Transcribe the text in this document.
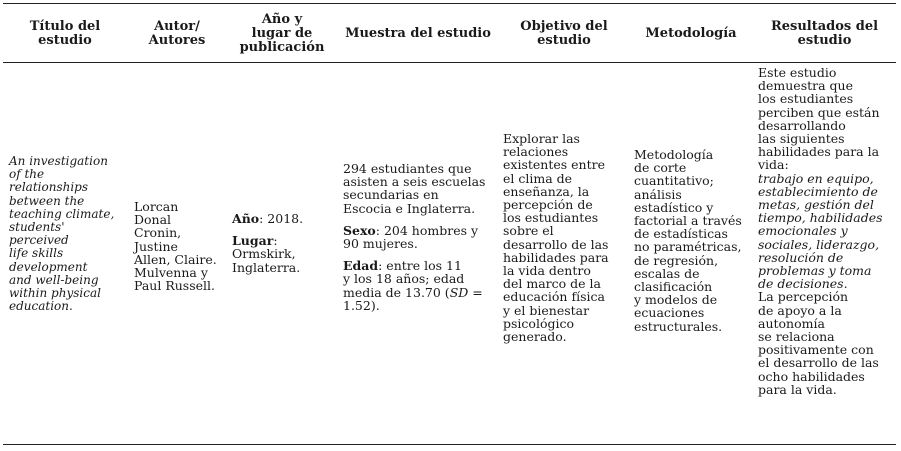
Título del
estudio
Autor/
Autores
Año y
lugar de
publicación
Muestra del estudio Objetivo del
estudio	Metodología	Resultados del
estudio

An investigation

of the

relationships

between the

teaching climate,

students'

perceived

life skills

development

and well-being

within physical

education.

Lorcan

Donal

Cronin,

Justine

Allen, Claire.

Mulvenna y

Paul Russell.

Año: 2018.

Lugar:

Ormskirk,

Inglaterra.

294 estudiantes que

asisten a seis escuelas

secundarias en

Escocia e Inglaterra.

Sexo: 204 hombres y

90 mujeres.

Edad: entre los 11

y los 18 años; edad

media de 13.70 (SD =

1.52).

Explorar las

relaciones

existentes entre

el clima de

enseñanza, la

percepción de

los estudiantes

sobre el

desarrollo de las

habilidades para

la vida dentro

del marco de la

educación física

y el bienestar

psicológico

generado.

Metodología

de corte

cuantitativo;

análisis

estadístico y

factorial a través

de estadísticas

no paramétricas,

de regresión,

escalas de

clasificación

y modelos de

ecuaciones

estructurales.

Este estudio

demuestra que

los estudiantes

perciben que están

desarrollando

las siguientes

habilidades para la

vida:

trabajo en equipo,

establecimiento de

metas, gestión del

tiempo, habilidades

emocionales y

sociales, liderazgo,

resolución de

problemas y toma

de decisiones.

La percepción

de apoyo a la

autonomía

se relaciona

positivamente con

el desarrollo de las

ocho habilidades

para la vida.
